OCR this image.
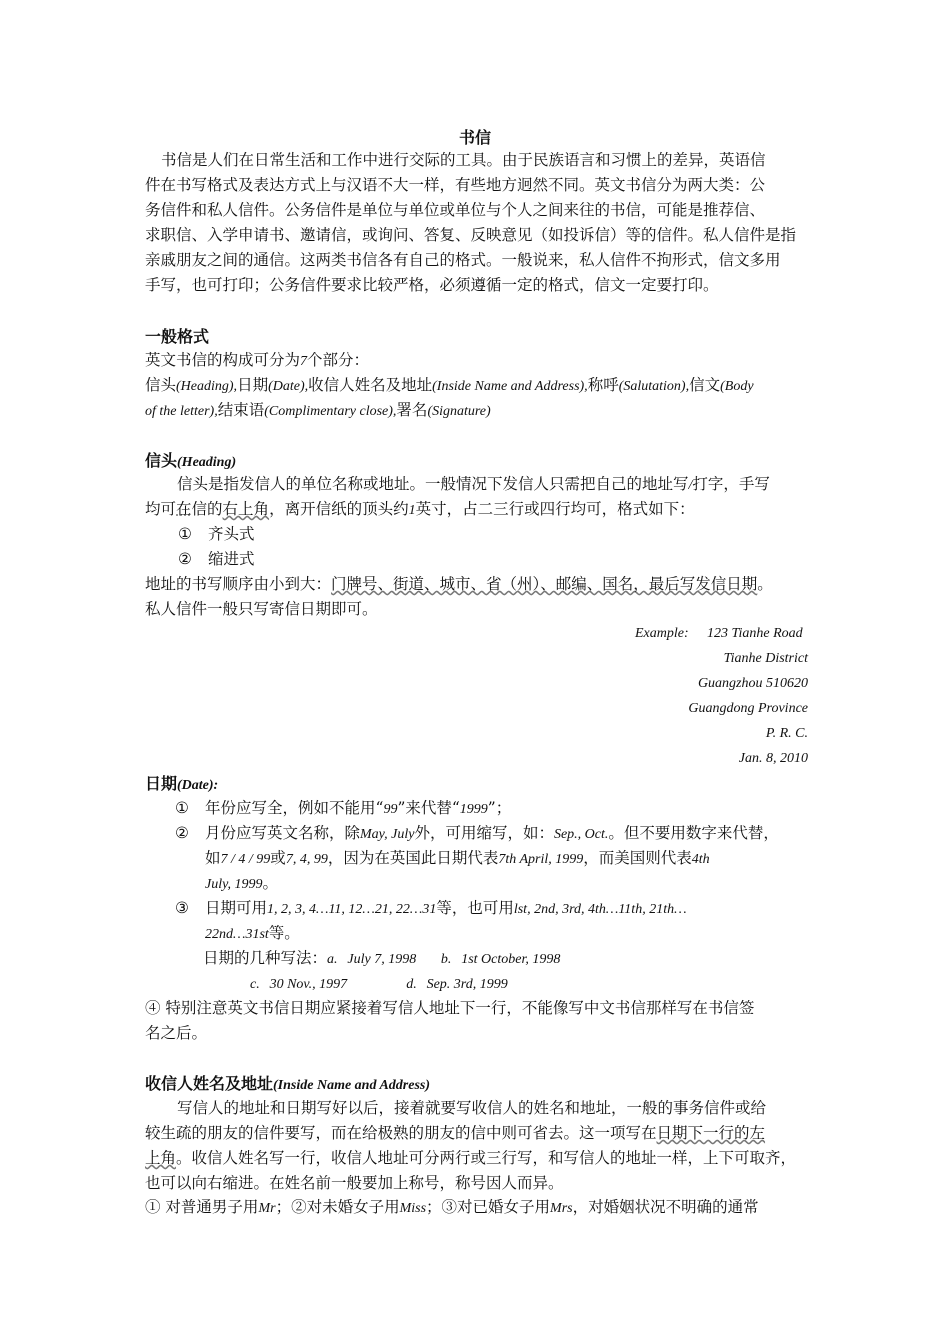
书信
书信是人们在日常生活和工作中进行交际的工具。由于民族语言和习惯上的差异，英语信
件在书写格式及表达方式上与汉语不大一样，有些地方迥然不同。英文书信分为两大类：公
务信件和私人信件。公务信件是单位与单位或单位与个人之间来往的书信，可能是推荐信、
求职信、入学申请书、邀请信，或询问、答复、反映意见（如投诉信）等的信件。私人信件是指
亲戚朋友之间的通信。这两类书信各有自己的格式。一般说来，私人信件不拘形式，信文多用
手写，也可打印；公务信件要求比较严格，必须遵循一定的格式，信文一定要打印。
一般格式
英文书信的构成可分为7个部分：
信头(Heading),日期(Date),收信人姓名及地址(Inside Name and Address),称呼(Salutation),信文(Body
of the letter),结束语(Complimentary close),署名(Signature)
信头(Heading)
信头是指发信人的单位名称或地址。一般情况下发信人只需把自己的地址写/打字，手写
均可在信的右上角，离开信纸的顶头约1英寸，占二三行或四行均可，格式如下：
① 齐头式
② 缩进式
地址的书写顺序由小到大：门牌号、街道、城市、省（州）、邮编、国名，最后写发信日期。
私人信件一般只写寄信日期即可。
Example: 123 Tianhe Road
Tianhe District
Guangzhou 510620
Guangdong Province
P. R. C.
Jan. 8, 2010
日期(Date):
① 年份应写全，例如不能用“99”来代替“1999”；
② 月份应写英文名称，除May, July外，可用缩写，如：Sep., Oct.。但不要用数字来代替，
如7 / 4 / 99或7, 4, 99，因为在英国此日期代表7th April, 1999，而美国则代表4th
July, 1999。
③ 日期可用1, 2, 3, 4…11, 12…21, 22…31等，也可用lst, 2nd, 3rd, 4th…11th, 21th…
22nd…31st等。
日期的几种写法：a. July 7, 1998 b. 1st October, 1998
c. 30 Nov., 1997	d. Sep. 3rd, 1999
④ 特别注意英文书信日期应紧接着写信人地址下一行，不能像写中文书信那样写在书信签
名之后。
收信人姓名及地址(Inside Name and Address)
写信人的地址和日期写好以后，接着就要写收信人的姓名和地址，一般的事务信件或给
较生疏的朋友的信件要写，而在给极熟的朋友的信中则可省去。这一项写在日期下一行的左
上角。收信人姓名写一行，收信人地址可分两行或三行写，和写信人的地址一样，上下可取齐，
也可以向右缩进。在姓名前一般要加上称号，称号因人而异。
① 对普通男子用Mr；②对未婚女子用Miss；③对已婚女子用Mrs，对婚姻状况不明确的通常
